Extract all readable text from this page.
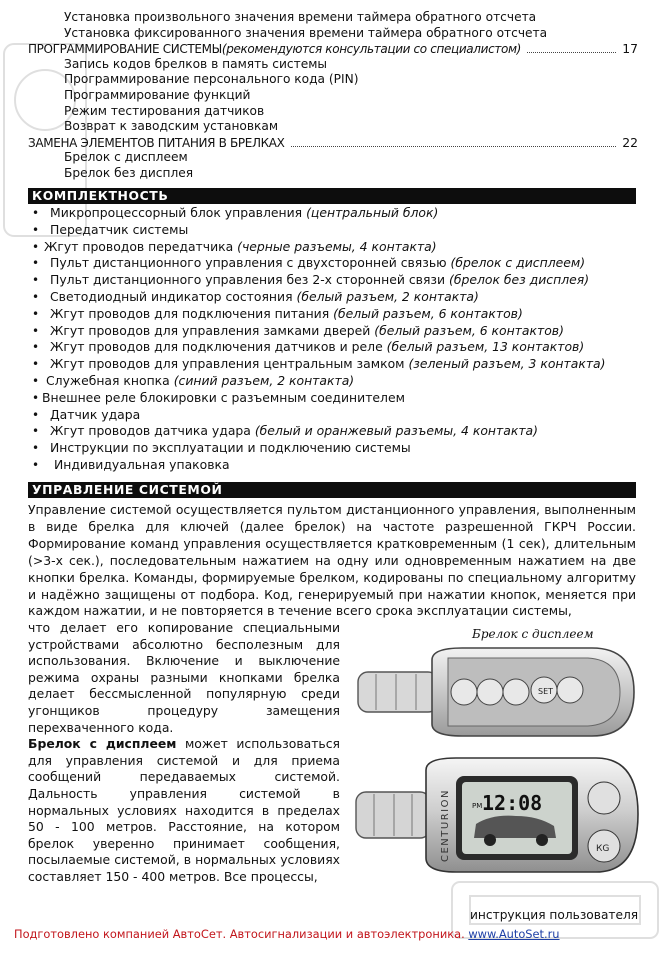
Установка произвольного значения времени таймера обратного отсчета
Установка фиксированного значения времени таймера обратного отсчета
ПРОГРАММИРОВАНИЕ СИСТЕМЫ(рекомендуются консультации со специалистом)	17
Запись кодов брелков в память системы
Программирование персонального кода (PIN)
Программирование функций
Режим тестирования датчиков
Возврат к заводским установкам
ЗАМЕНА ЭЛЕМЕНТОВ ПИТАНИЯ В БРЕЛКАХ	22
Брелок с дисплеем
Брелок без дисплея
КОМПЛЕКТНОСТЬ
• Микропроцессорный блок управления (центральный блок)
• Передатчик системы
• Жгут проводов передатчика (черные разъемы, 4 контакта)
• Пульт дистанционного управления с двухсторонней связью (брелок с дисплеем)
• Пульт дистанционного управления без 2-х сторонней связи (брелок без дисплея)
• Светодиодный индикатор состояния (белый разъем, 2 контакта)
• Жгут проводов для подключения питания (белый разъем, 6 контактов)
• Жгут проводов для управления замками дверей (белый разъем, 6 контактов)
• Жгут проводов для подключения датчиков и реле (белый разъем, 13 контактов)
• Жгут проводов для управления центральным замком (зеленый разъем, 3 контакта)
• Служебная кнопка (синий разъем, 2 контакта)
• Внешнее реле блокировки с разъемным соединителем
• Датчик удара
• Жгут проводов датчика удара (белый и оранжевый разъемы, 4 контакта)
• Инструкции по эксплуатации и подключению системы
• Индивидуальная упаковка
УПРАВЛЕНИЕ СИСТЕМОЙ
Управление системой осуществляется пультом дистанционного управления, выполненным в виде брелка для ключей (далее брелок) на частоте разрешенной ГКРЧ России. Формирование команд управления осуществляется кратковременным (1 сек), длительным (>3-х сек.), последовательным нажатием на одну или одновременным нажатием на две кнопки брелка. Команды, формируемые брелком, кодированы по специальному алгоритму и надёжно защищены от подбора. Код, генерируемый при нажатии кнопок, меняется при каждом нажатии, и не повторяется в течение всего срока эксплуатации системы,
что делает его копирование специальными устройствами абсолютно бесполезным для использования. Включение и выключение режима охраны разными кнопками брелка делает бессмысленной популярную среди угонщиков процедуру замещения перехваченного кода.
Брелок с дисплеем может использоваться для управления системой и для приема сообщений передаваемых системой. Дальность управления системой в нормальных условиях находится в пределах 50 - 100 метров. Расстояние, на котором брелок уверенно принимает сообщения, посылаемые системой, в нормальных условиях составляет 150 - 400 метров. Все процессы,
Брелок с дисплеем
SET
CENTURION 12:08
PM
КG
инструкция пользователя
Подготовлено компанией АвтоСет. Автосигнализации и автоэлектроника. www.AutoSet.ru
